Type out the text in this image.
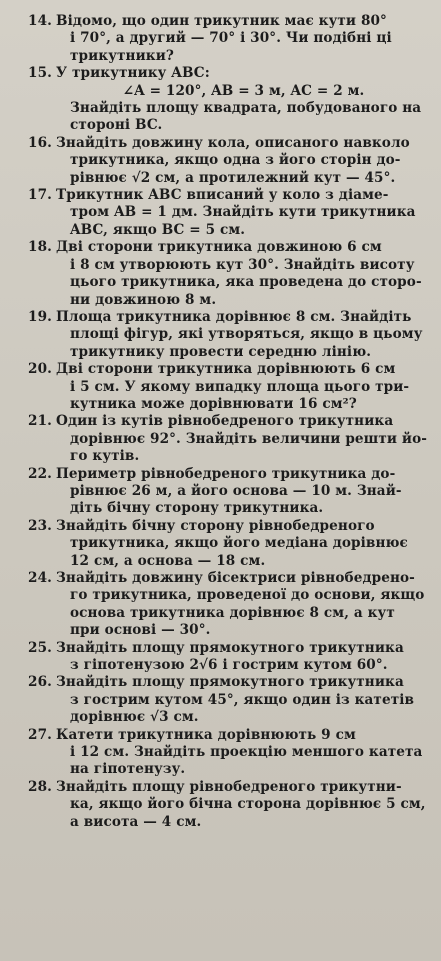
14. Відомо, що один трикутник має кути 80°
і 70°, а другий — 70° і 30°. Чи подібні ці
трикутники?
15. У трикутнику ABC:
∠A = 120°, AB = 3 м, AC = 2 м.
Знайдіть площу квадрата, побудованого на
стороні BC.
16. Знайдіть довжину кола, описаного навколо
трикутника, якщо одна з його сторін до-
рівнює √2 см, а протилежний кут — 45°.
17. Трикутник ABC вписаний у коло з діаме-
тром AB = 1 дм. Знайдіть кути трикутника
ABC, якщо BC = 5 см.
18. Дві сторони трикутника довжиною 6 см
і 8 см утворюють кут 30°. Знайдіть висоту
цього трикутника, яка проведена до сторо-
ни довжиною 8 м.
19. Площа трикутника дорівнює 8 см. Знайдіть
площі фігур, які утворяться, якщо в цьому
трикутнику провести середню лінію.
20. Дві сторони трикутника дорівнюють 6 см
і 5 см. У якому випадку площа цього три-
кутника може дорівнювати 16 см²?
21. Один із кутів рівнобедреного трикутника
дорівнює 92°. Знайдіть величини решти йо-
го кутів.
22. Периметр рівнобедреного трикутника до-
рівнює 26 м, а його основа — 10 м. Знай-
діть бічну сторону трикутника.
23. Знайдіть бічну сторону рівнобедреного
трикутника, якщо його медіана дорівнює
12 см, а основа — 18 см.
24. Знайдіть довжину бісектриси рівнобедрено-
го трикутника, проведеної до основи, якщо
основа трикутника дорівнює 8 см, а кут
при основі — 30°.
25. Знайдіть площу прямокутного трикутника
з гіпотенузою 2√6 і гострим кутом 60°.
26. Знайдіть площу прямокутного трикутника
з гострим кутом 45°, якщо один із катетів
дорівнює √3 см.
27. Катети трикутника дорівнюють 9 см
і 12 см. Знайдіть проекцію меншого катета
на гіпотенузу.
28. Знайдіть площу рівнобедреного трикутни-
ка, якщо його бічна сторона дорівнює 5 см,
а висота — 4 см.
